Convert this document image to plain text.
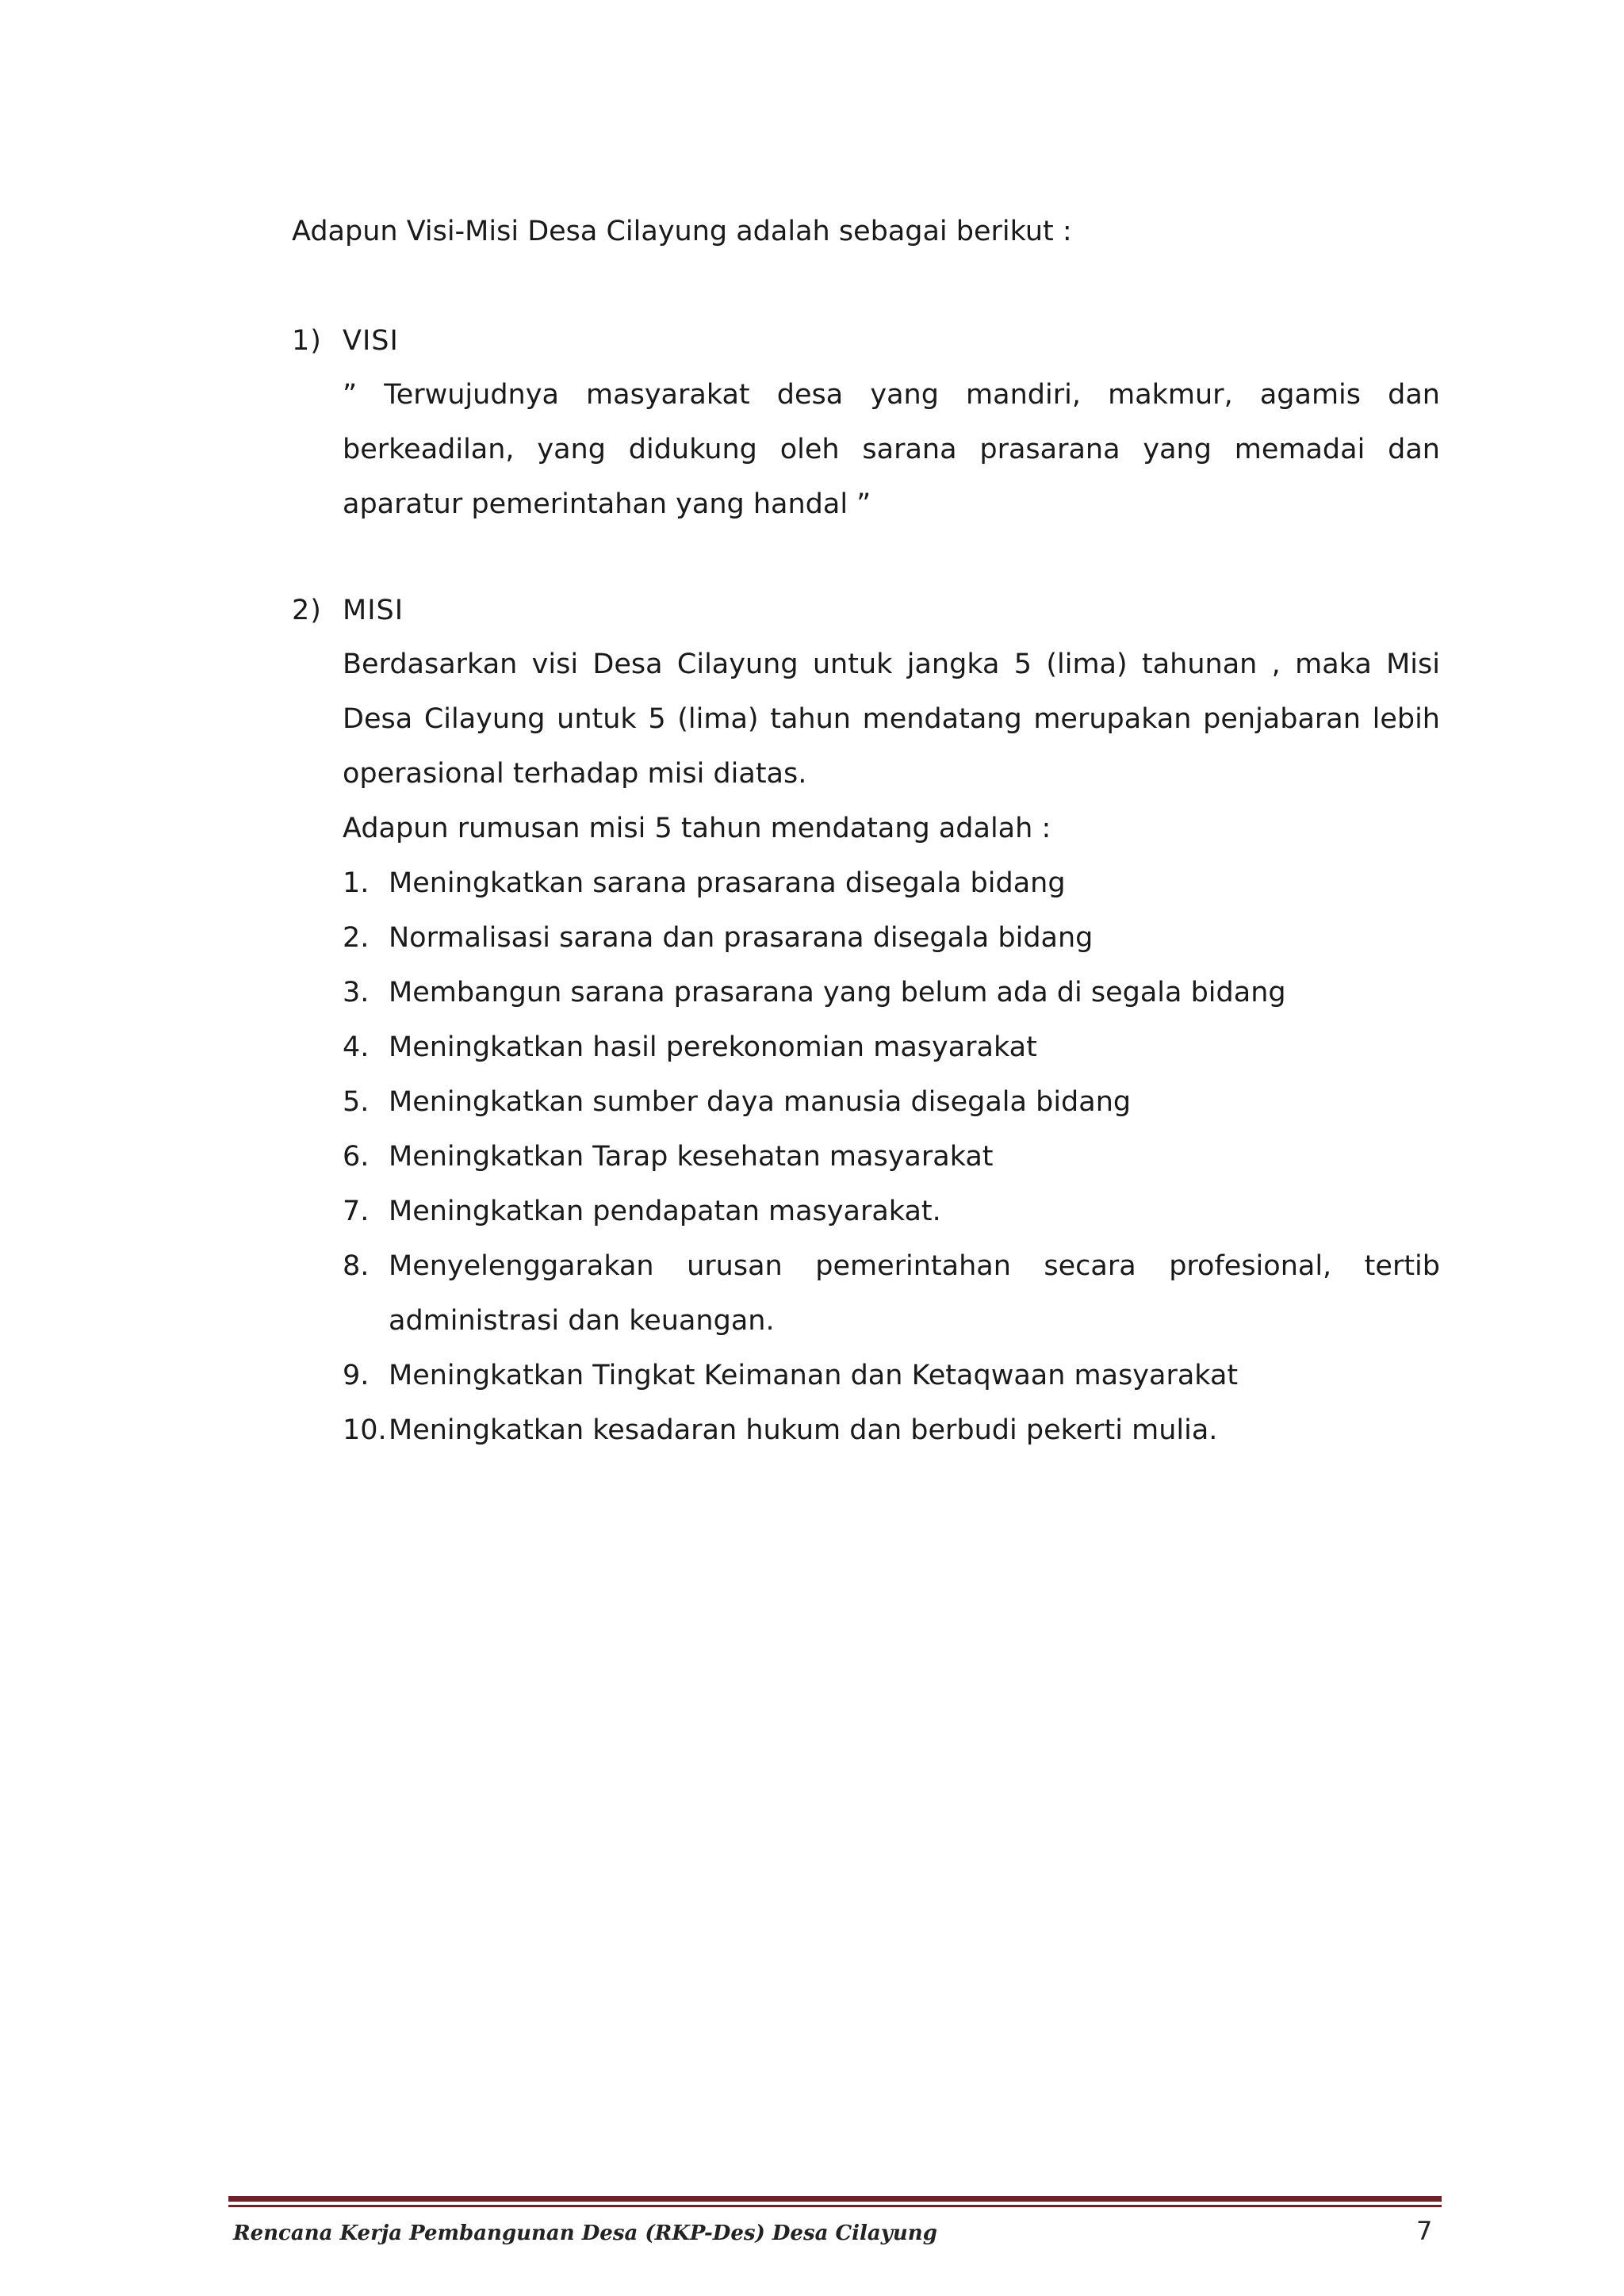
Adapun Visi-Misi Desa Cilayung adalah sebagai berikut :
1) VISI

” Terwujudnya masyarakat desa yang mandiri, makmur, agamis dan berkeadilan, yang didukung oleh sarana prasarana yang memadai dan aparatur pemerintahan yang handal ”

2) MISI

Berdasarkan visi Desa Cilayung untuk jangka 5 (lima) tahunan , maka Misi Desa Cilayung untuk 5 (lima) tahun mendatang merupakan penjabaran lebih operasional terhadap misi diatas.

Adapun rumusan misi 5 tahun mendatang adalah :

1. Meningkatkan sarana prasarana disegala bidang
2. Normalisasi sarana dan prasarana disegala bidang
3. Membangun sarana prasarana yang belum ada di segala bidang
4. Meningkatkan hasil perekonomian masyarakat
5. Meningkatkan sumber daya manusia disegala bidang
6. Meningkatkan Tarap kesehatan masyarakat
7. Meningkatkan pendapatan masyarakat.
8. Menyelenggarakan urusan pemerintahan secara profesional, tertib administrasi dan keuangan.
9. Meningkatkan Tingkat Keimanan dan Ketaqwaan masyarakat
10. Meningkatkan kesadaran hukum dan berbudi pekerti mulia.
Rencana Kerja Pembangunan Desa (RKP-Des) Desa Cilayung	7
